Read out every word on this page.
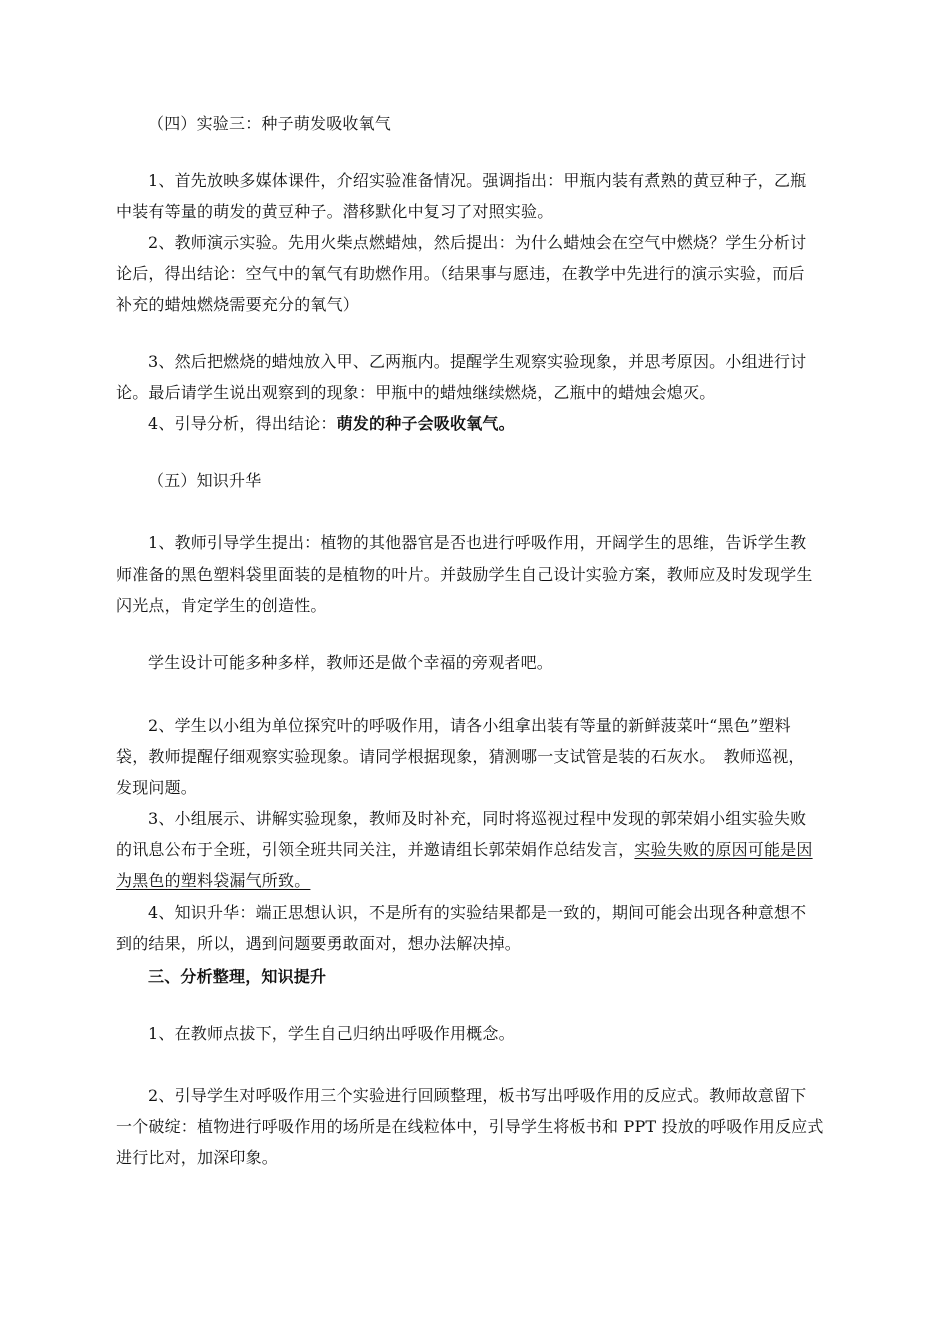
（四）实验三：种子萌发吸收氧气
1、首先放映多媒体课件，介绍实验准备情况。强调指出：甲瓶内装有煮熟的黄豆种子，乙瓶
中装有等量的萌发的黄豆种子。潜移默化中复习了对照实验。
2、教师演示实验。先用火柴点燃蜡烛，然后提出：为什么蜡烛会在空气中燃烧？学生分析讨
论后，得出结论：空气中的氧气有助燃作用。（结果事与愿违，在教学中先进行的演示实验，而后
补充的蜡烛燃烧需要充分的氧气）
3、然后把燃烧的蜡烛放入甲、乙两瓶内。提醒学生观察实验现象，并思考原因。小组进行讨
论。最后请学生说出观察到的现象：甲瓶中的蜡烛继续燃烧，乙瓶中的蜡烛会熄灭。
4、引导分析，得出结论：萌发的种子会吸收氧气。
（五）知识升华
1、教师引导学生提出：植物的其他器官是否也进行呼吸作用，开阔学生的思维，告诉学生教
师准备的黑色塑料袋里面装的是植物的叶片。并鼓励学生自己设计实验方案，教师应及时发现学生
闪光点，肯定学生的创造性。
学生设计可能多种多样，教师还是做个幸福的旁观者吧。
2、学生以小组为单位探究叶的呼吸作用，请各小组拿出装有等量的新鲜菠菜叶“黑色”塑料
袋，教师提醒仔细观察实验现象。请同学根据现象，猜测哪一支试管是装的石灰水。　教师巡视，
发现问题。
3、小组展示、讲解实验现象，教师及时补充，同时将巡视过程中发现的郭荣娟小组实验失败
的讯息公布于全班，引领全班共同关注，并邀请组长郭荣娟作总结发言，实验失败的原因可能是因
为黑色的塑料袋漏气所致。
4、知识升华：端正思想认识，不是所有的实验结果都是一致的，期间可能会出现各种意想不
到的结果，所以，遇到问题要勇敢面对，想办法解决掉。
三、分析整理，知识提升
1、在教师点拔下，学生自己归纳出呼吸作用概念。
2、引导学生对呼吸作用三个实验进行回顾整理，板书写出呼吸作用的反应式。教师故意留下
一个破绽：植物进行呼吸作用的场所是在线粒体中，引导学生将板书和 PPT 投放的呼吸作用反应式
进行比对，加深印象。
